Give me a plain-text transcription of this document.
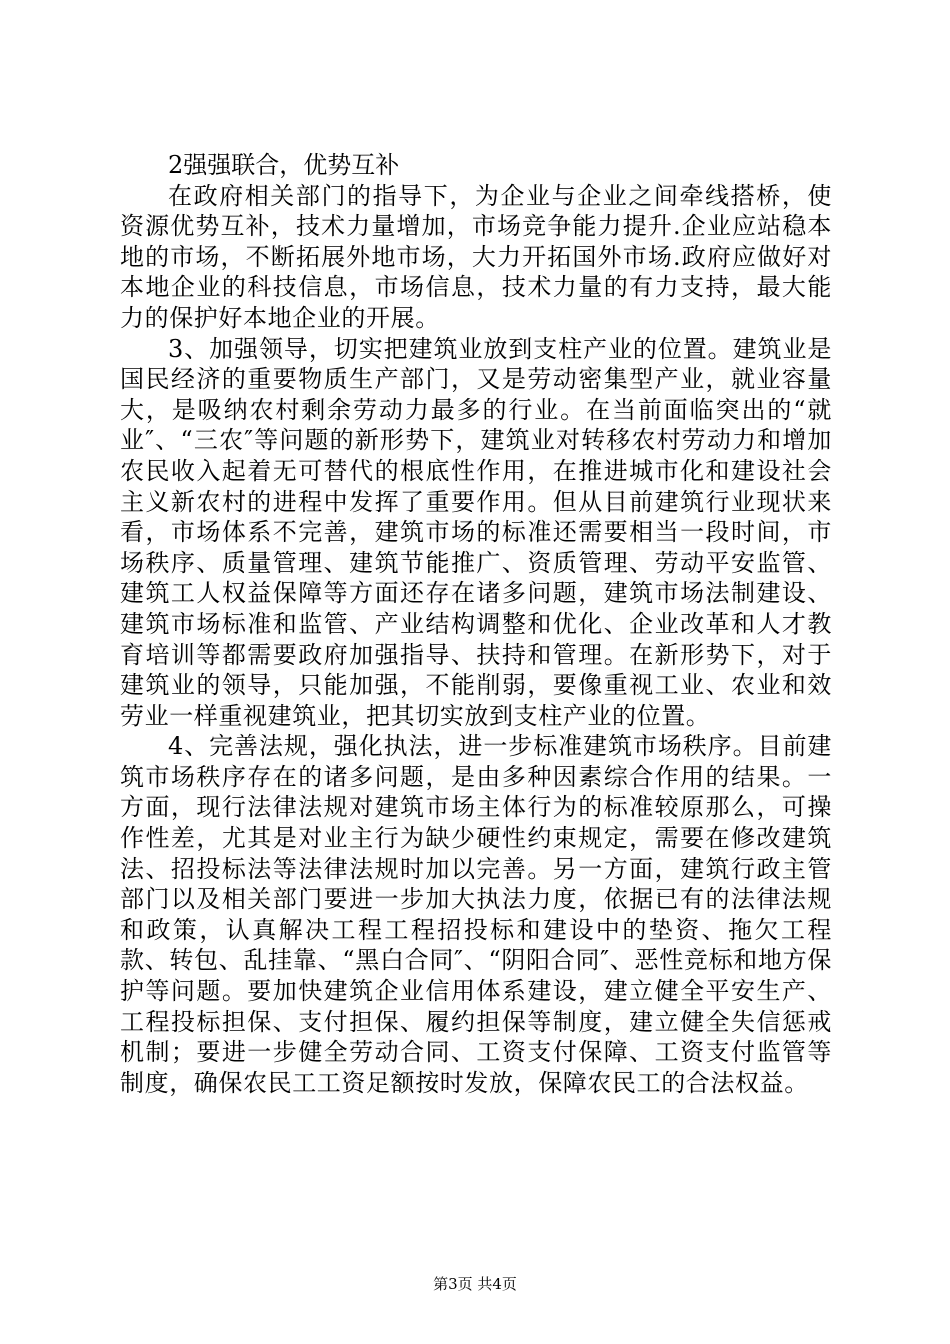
2强强联合，优势互补

在政府相关部门的指导下，为企业与企业之间牵线搭桥，使资源优势互补，技术力量增加，市场竞争能力提升.企业应站稳本地的市场，不断拓展外地市场，大力开拓国外市场.政府应做好对本地企业的科技信息，市场信息，技术力量的有力支持，最大能力的保护好本地企业的开展。

3、加强领导，切实把建筑业放到支柱产业的位置。建筑业是国民经济的重要物质生产部门，又是劳动密集型产业，就业容量大，是吸纳农村剩余劳动力最多的行业。在当前面临突出的“就业″、“三农″等问题的新形势下，建筑业对转移农村劳动力和增加农民收入起着无可替代的根底性作用，在推进城市化和建设社会主义新农村的进程中发挥了重要作用。但从目前建筑行业现状来看，市场体系不完善，建筑市场的标准还需要相当一段时间，市场秩序、质量管理、建筑节能推广、资质管理、劳动平安监管、建筑工人权益保障等方面还存在诸多问题，建筑市场法制建设、建筑市场标准和监管、产业结构调整和优化、企业改革和人才教育培训等都需要政府加强指导、扶持和管理。在新形势下，对于建筑业的领导，只能加强，不能削弱，要像重视工业、农业和效劳业一样重视建筑业，把其切实放到支柱产业的位置。

4、完善法规，强化执法，进一步标准建筑市场秩序。目前建筑市场秩序存在的诸多问题，是由多种因素综合作用的结果。一方面，现行法律法规对建筑市场主体行为的标准较原那么，可操作性差，尤其是对业主行为缺少硬性约束规定，需要在修改建筑法、招投标法等法律法规时加以完善。另一方面，建筑行政主管部门以及相关部门要进一步加大执法力度，依据已有的法律法规和政策，认真解决工程工程招投标和建设中的垫资、拖欠工程款、转包、乱挂靠、“黑白合同″、“阴阳合同″、恶性竞标和地方保护等问题。要加快建筑企业信用体系建设，建立健全平安生产、工程投标担保、支付担保、履约担保等制度，建立健全失信惩戒机制；要进一步健全劳动合同、工资支付保障、工资支付监管等制度，确保农民工工资足额按时发放，保障农民工的合法权益。

第3页 共4页
